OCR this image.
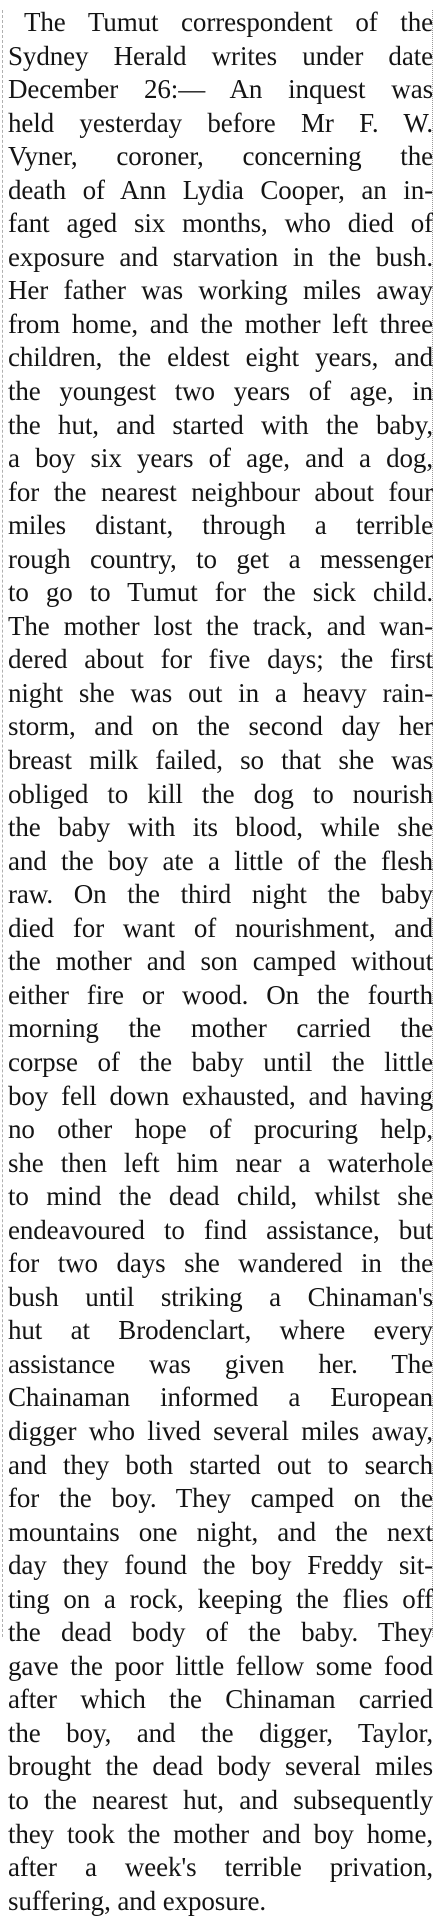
The Tumut correspondent of the
Sydney Herald writes under date
December 26:— An inquest was
held yesterday before Mr F. W.
Vyner, coroner, concerning the
death of Ann Lydia Cooper, an in-
fant aged six months, who died of
exposure and starvation in the bush.
Her father was working miles away
from home, and the mother left three
children, the eldest eight years, and
the youngest two years of age, in
the hut, and started with the baby,
a boy six years of age, and a dog,
for the nearest neighbour about four
miles distant, through a terrible
rough country, to get a messenger
to go to Tumut for the sick child.
The mother lost the track, and wan-
dered about for five days; the first
night she was out in a heavy rain-
storm, and on the second day her
breast milk failed, so that she was
obliged to kill the dog to nourish
the baby with its blood, while she
and the boy ate a little of the flesh
raw. On the third night the baby
died for want of nourishment, and
the mother and son camped without
either fire or wood. On the fourth
morning the mother carried the
corpse of the baby until the little
boy fell down exhausted, and having
no other hope of procuring help,
she then left him near a waterhole
to mind the dead child, whilst she
endeavoured to find assistance, but
for two days she wandered in the
bush until striking a Chinaman's
hut at Brodenclart, where every
assistance was given her. The
Chainaman informed a European
digger who lived several miles away,
and they both started out to search
for the boy. They camped on the
mountains one night, and the next
day they found the boy Freddy sit-
ting on a rock, keeping the flies off
the dead body of the baby. They
gave the poor little fellow some food
after which the Chinaman carried
the boy, and the digger, Taylor,
brought the dead body several miles
to the nearest hut, and subsequently
they took the mother and boy home,
after a week's terrible privation,
suffering, and exposure.
